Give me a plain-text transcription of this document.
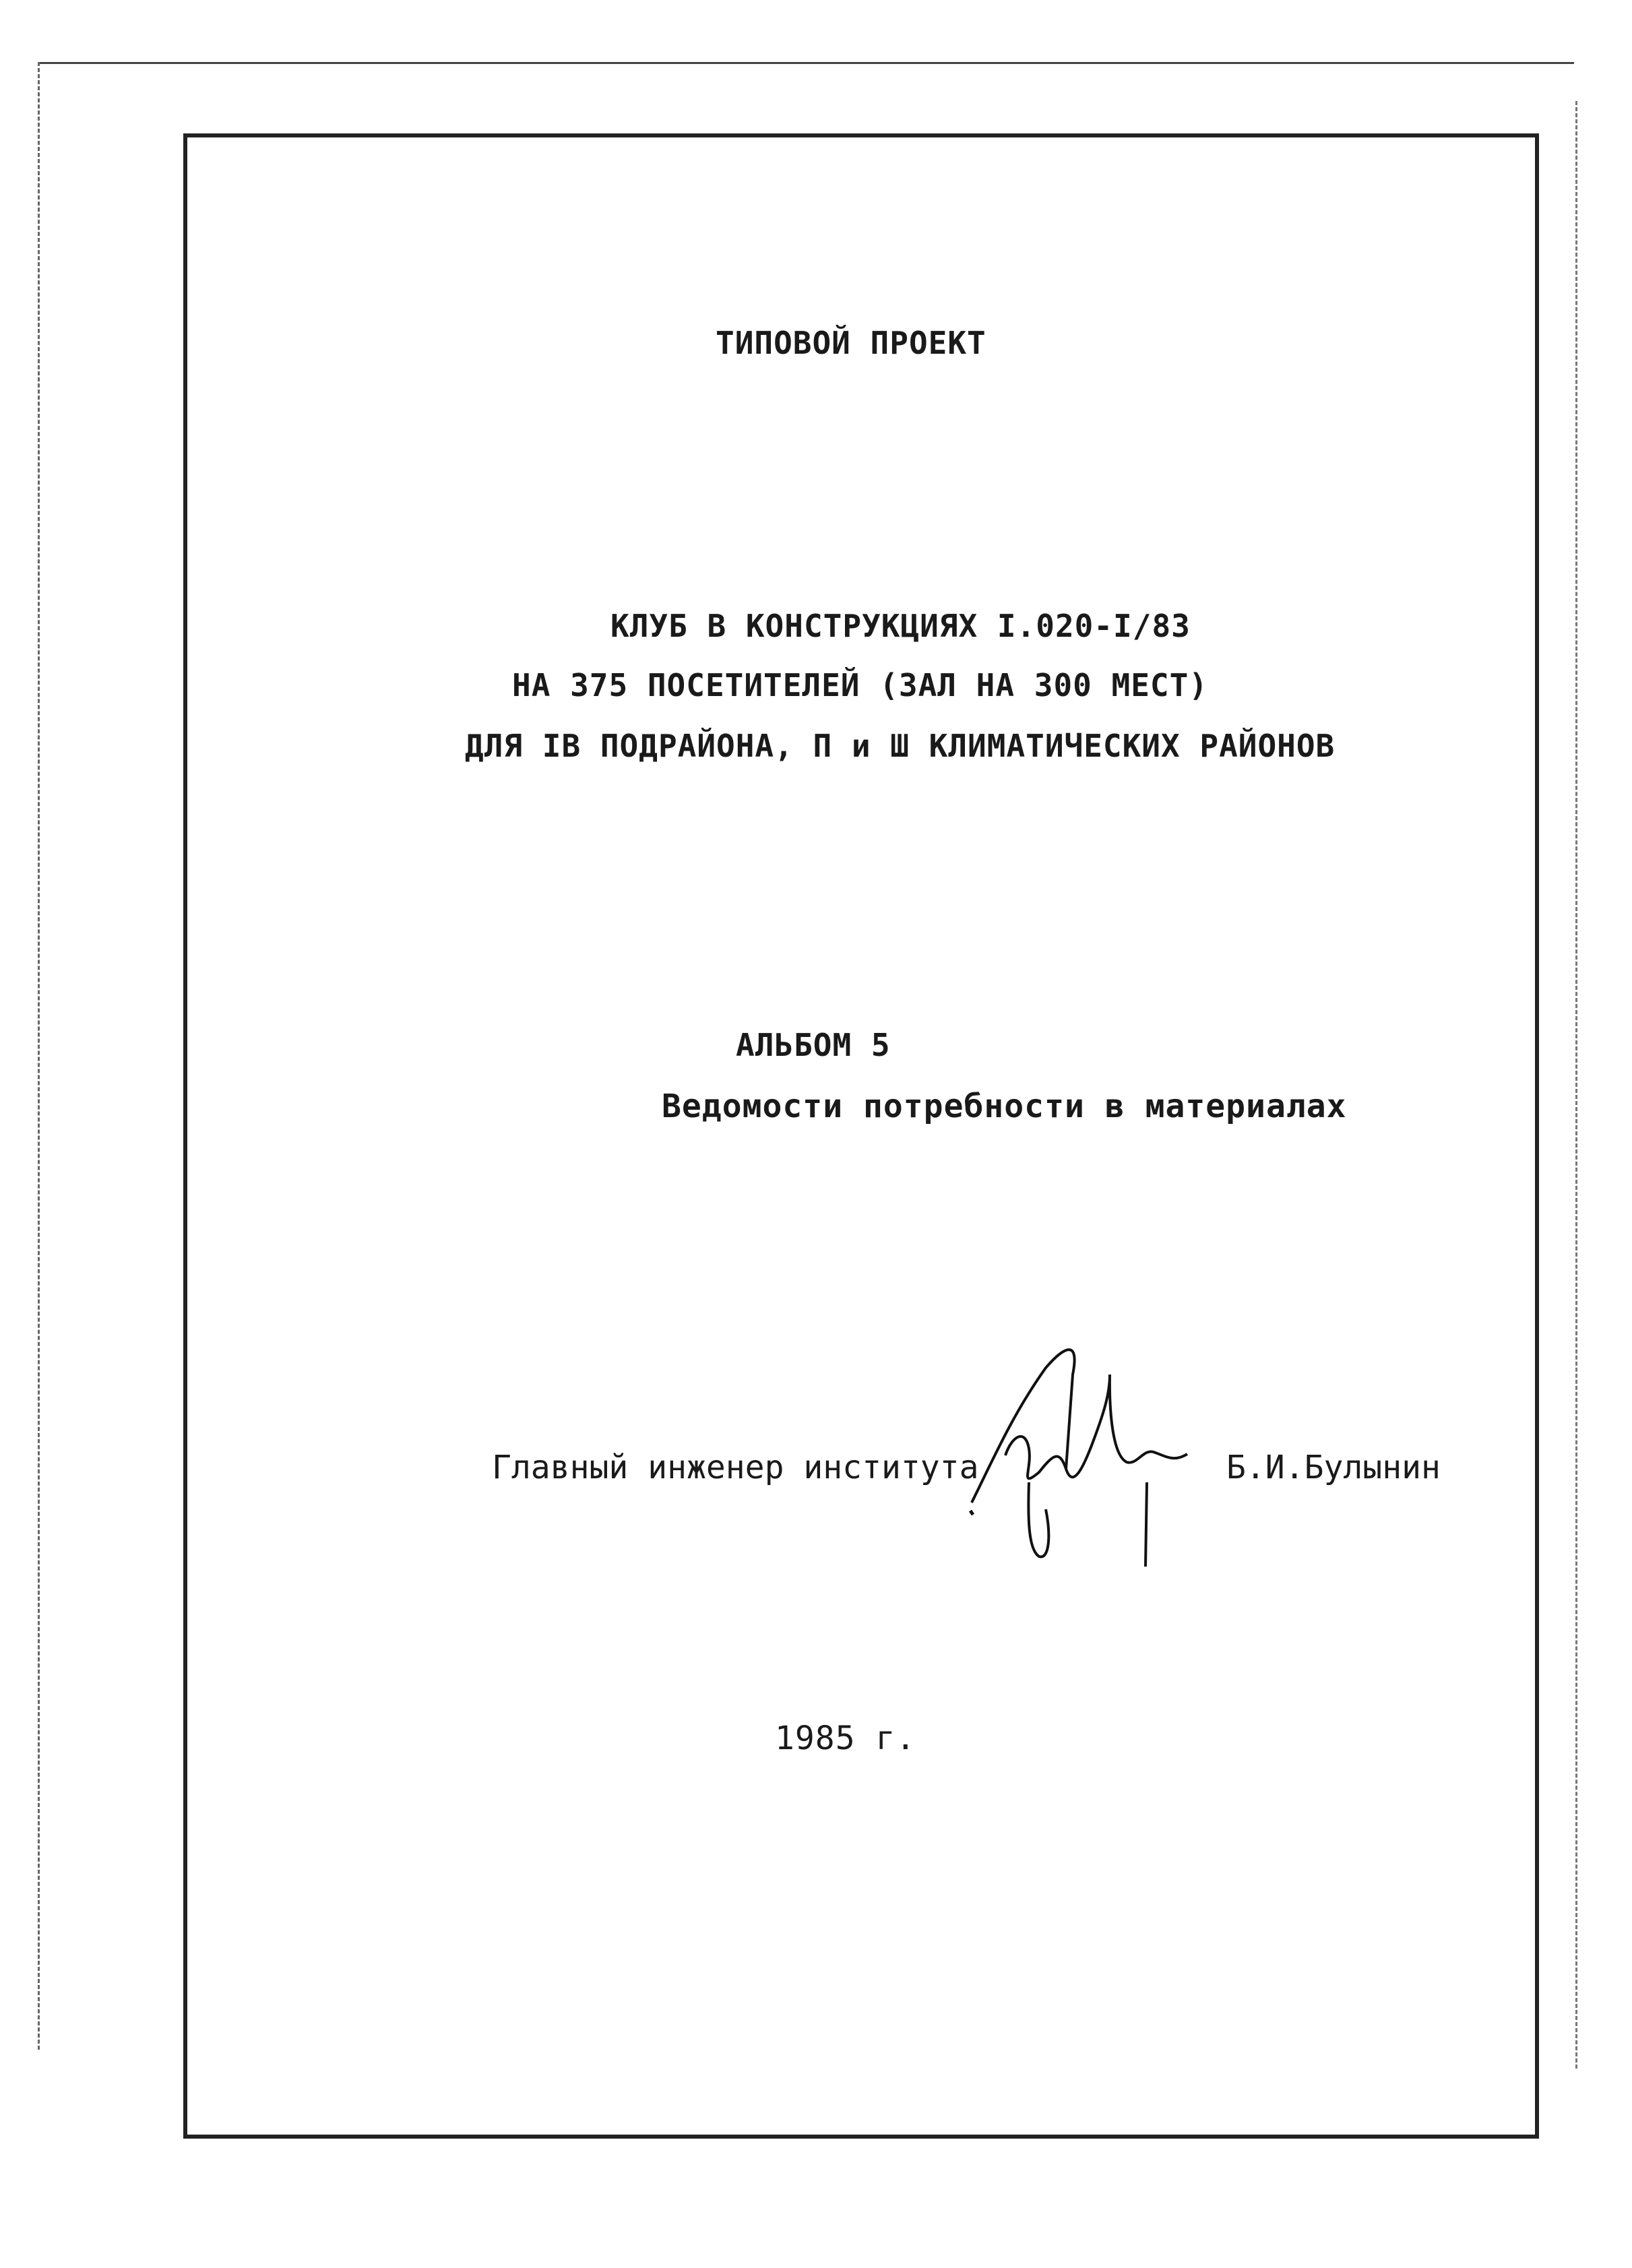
ТИПОВОЙ ПРОЕКТ
КЛУБ В КОНСТРУКЦИЯХ I.020-I/83
НА 375 ПОСЕТИТЕЛЕЙ (ЗАЛ НА 300 МЕСТ)
ДЛЯ IВ ПОДРАЙОНА, П и Ш КЛИМАТИЧЕСКИХ РАЙОНОВ
АЛЬБОМ 5
Ведомости потребности в материалах
Главный инженер института	Б.И.Булынин
1985 г.
